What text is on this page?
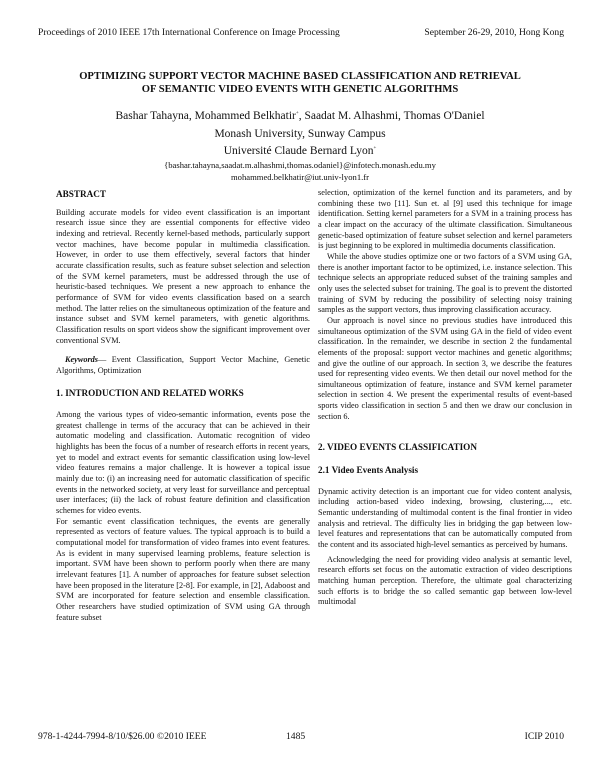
Proceedings of 2010 IEEE 17th International Conference on Image Processing	September 26-29, 2010, Hong Kong
OPTIMIZING SUPPORT VECTOR MACHINE BASED CLASSIFICATION AND RETRIEVAL
OF SEMANTIC VIDEO EVENTS WITH GENETIC ALGORITHMS
Bashar Tahayna, Mohammed Belkhatir+, Saadat M. Alhashmi, Thomas O'Daniel
Monash University, Sunway Campus
Université Claude Bernard Lyon+
{bashar.tahayna,saadat.m.alhashmi,thomas.odaniel}@infotech.monash.edu.my
mohammed.belkhatir@iut.univ-lyon1.fr

ABSTRACT

Building accurate models for video event classification is an important research issue since they are essential components for effective video indexing and retrieval. Recently kernel-based methods, particularly support vector machines, have become popular in multimedia classification. However, in order to use them effectively, several factors that hinder accurate classification results, such as feature subset selection and selection of the SVM kernel parameters, must be addressed through the use of heuristic-based techniques. We present a new approach to enhance the performance of SVM for video events classification based on a search method. The latter relies on the simultaneous optimization of the feature and instance subset and SVM kernel parameters, with genetic algorithms. Classification results on sport videos show the significant improvement over conventional SVM.

Keywords— Event Classification, Support Vector Machine, Genetic Algorithms, Optimization

1. INTRODUCTION AND RELATED WORKS

Among the various types of video-semantic information, events pose the greatest challenge in terms of the accuracy that can be achieved in their automatic modeling and classification. Automatic recognition of video highlights has been the focus of a number of research efforts in recent years, yet to model and extract events for semantic classification using low-level video features remains a major challenge. It is however a topical issue mainly due to: (i) an increasing need for automatic classification of specific events in the networked society, at very least for surveillance and perceptual user interfaces; (ii) the lack of robust feature definition and classification schemes for video events.

For semantic event classification techniques, the events are generally represented as vectors of feature values. The typical approach is to build a computational model for transformation of video frames into event features. As is evident in many supervised learning problems, feature selection is important. SVM have been shown to perform poorly when there are many irrelevant features [1]. A number of approaches for feature subset selection have been proposed in the literature [2-8]. For example, in [2], Adaboost and SVM are incorporated for feature selection and ensemble classification. Other researchers have studied optimization of SVM using GA through feature subset

selection, optimization of the kernel function and its parameters, and by combining these two [11]. Sun et. al [9] used this technique for image identification. Setting kernel parameters for a SVM in a training process has a clear impact on the accuracy of the ultimate classification. Simultaneous genetic-based optimization of feature subset selection and kernel parameters is just beginning to be explored in multimedia documents classification.

While the above studies optimize one or two factors of a SVM using GA, there is another important factor to be optimized, i.e. instance selection. This technique selects an appropriate reduced subset of the training samples and only uses the selected subset for training. The goal is to prevent the distorted training of SVM by reducing the possibility of selecting noisy training samples as the support vectors, thus improving classification accuracy.

Our approach is novel since no previous studies have introduced this simultaneous optimization of the SVM using GA in the field of video event classification. In the remainder, we describe in section 2 the fundamental elements of the proposal: support vector machines and genetic algorithms; and give the outline of our approach. In section 3, we describe the features used for representing video events. We then detail our novel method for the simultaneous optimization of feature, instance and SVM kernel parameter selection in section 4. We present the experimental results of event-based sports video classification in section 5 and then we draw our conclusion in section 6.

2. VIDEO EVENTS CLASSIFICATION

2.1 Video Events Analysis

Dynamic activity detection is an important cue for video content analysis, including action-based video indexing, browsing, clustering,..., etc. Semantic understanding of multimodal content is the final frontier in video analysis and retrieval. The difficulty lies in bridging the gap between low-level features and representations that can be automatically computed from the content and its associated high-level semantics as perceived by humans.

Acknowledging the need for providing video analysis at semantic level, research efforts set focus on the automatic extraction of video descriptions matching human perception. Therefore, the ultimate goal characterizing such efforts is to bridge the so called semantic gap between low-level multimodal

978-1-4244-7994-8/10/$26.00 ©2010 IEEE	1485	ICIP 2010
